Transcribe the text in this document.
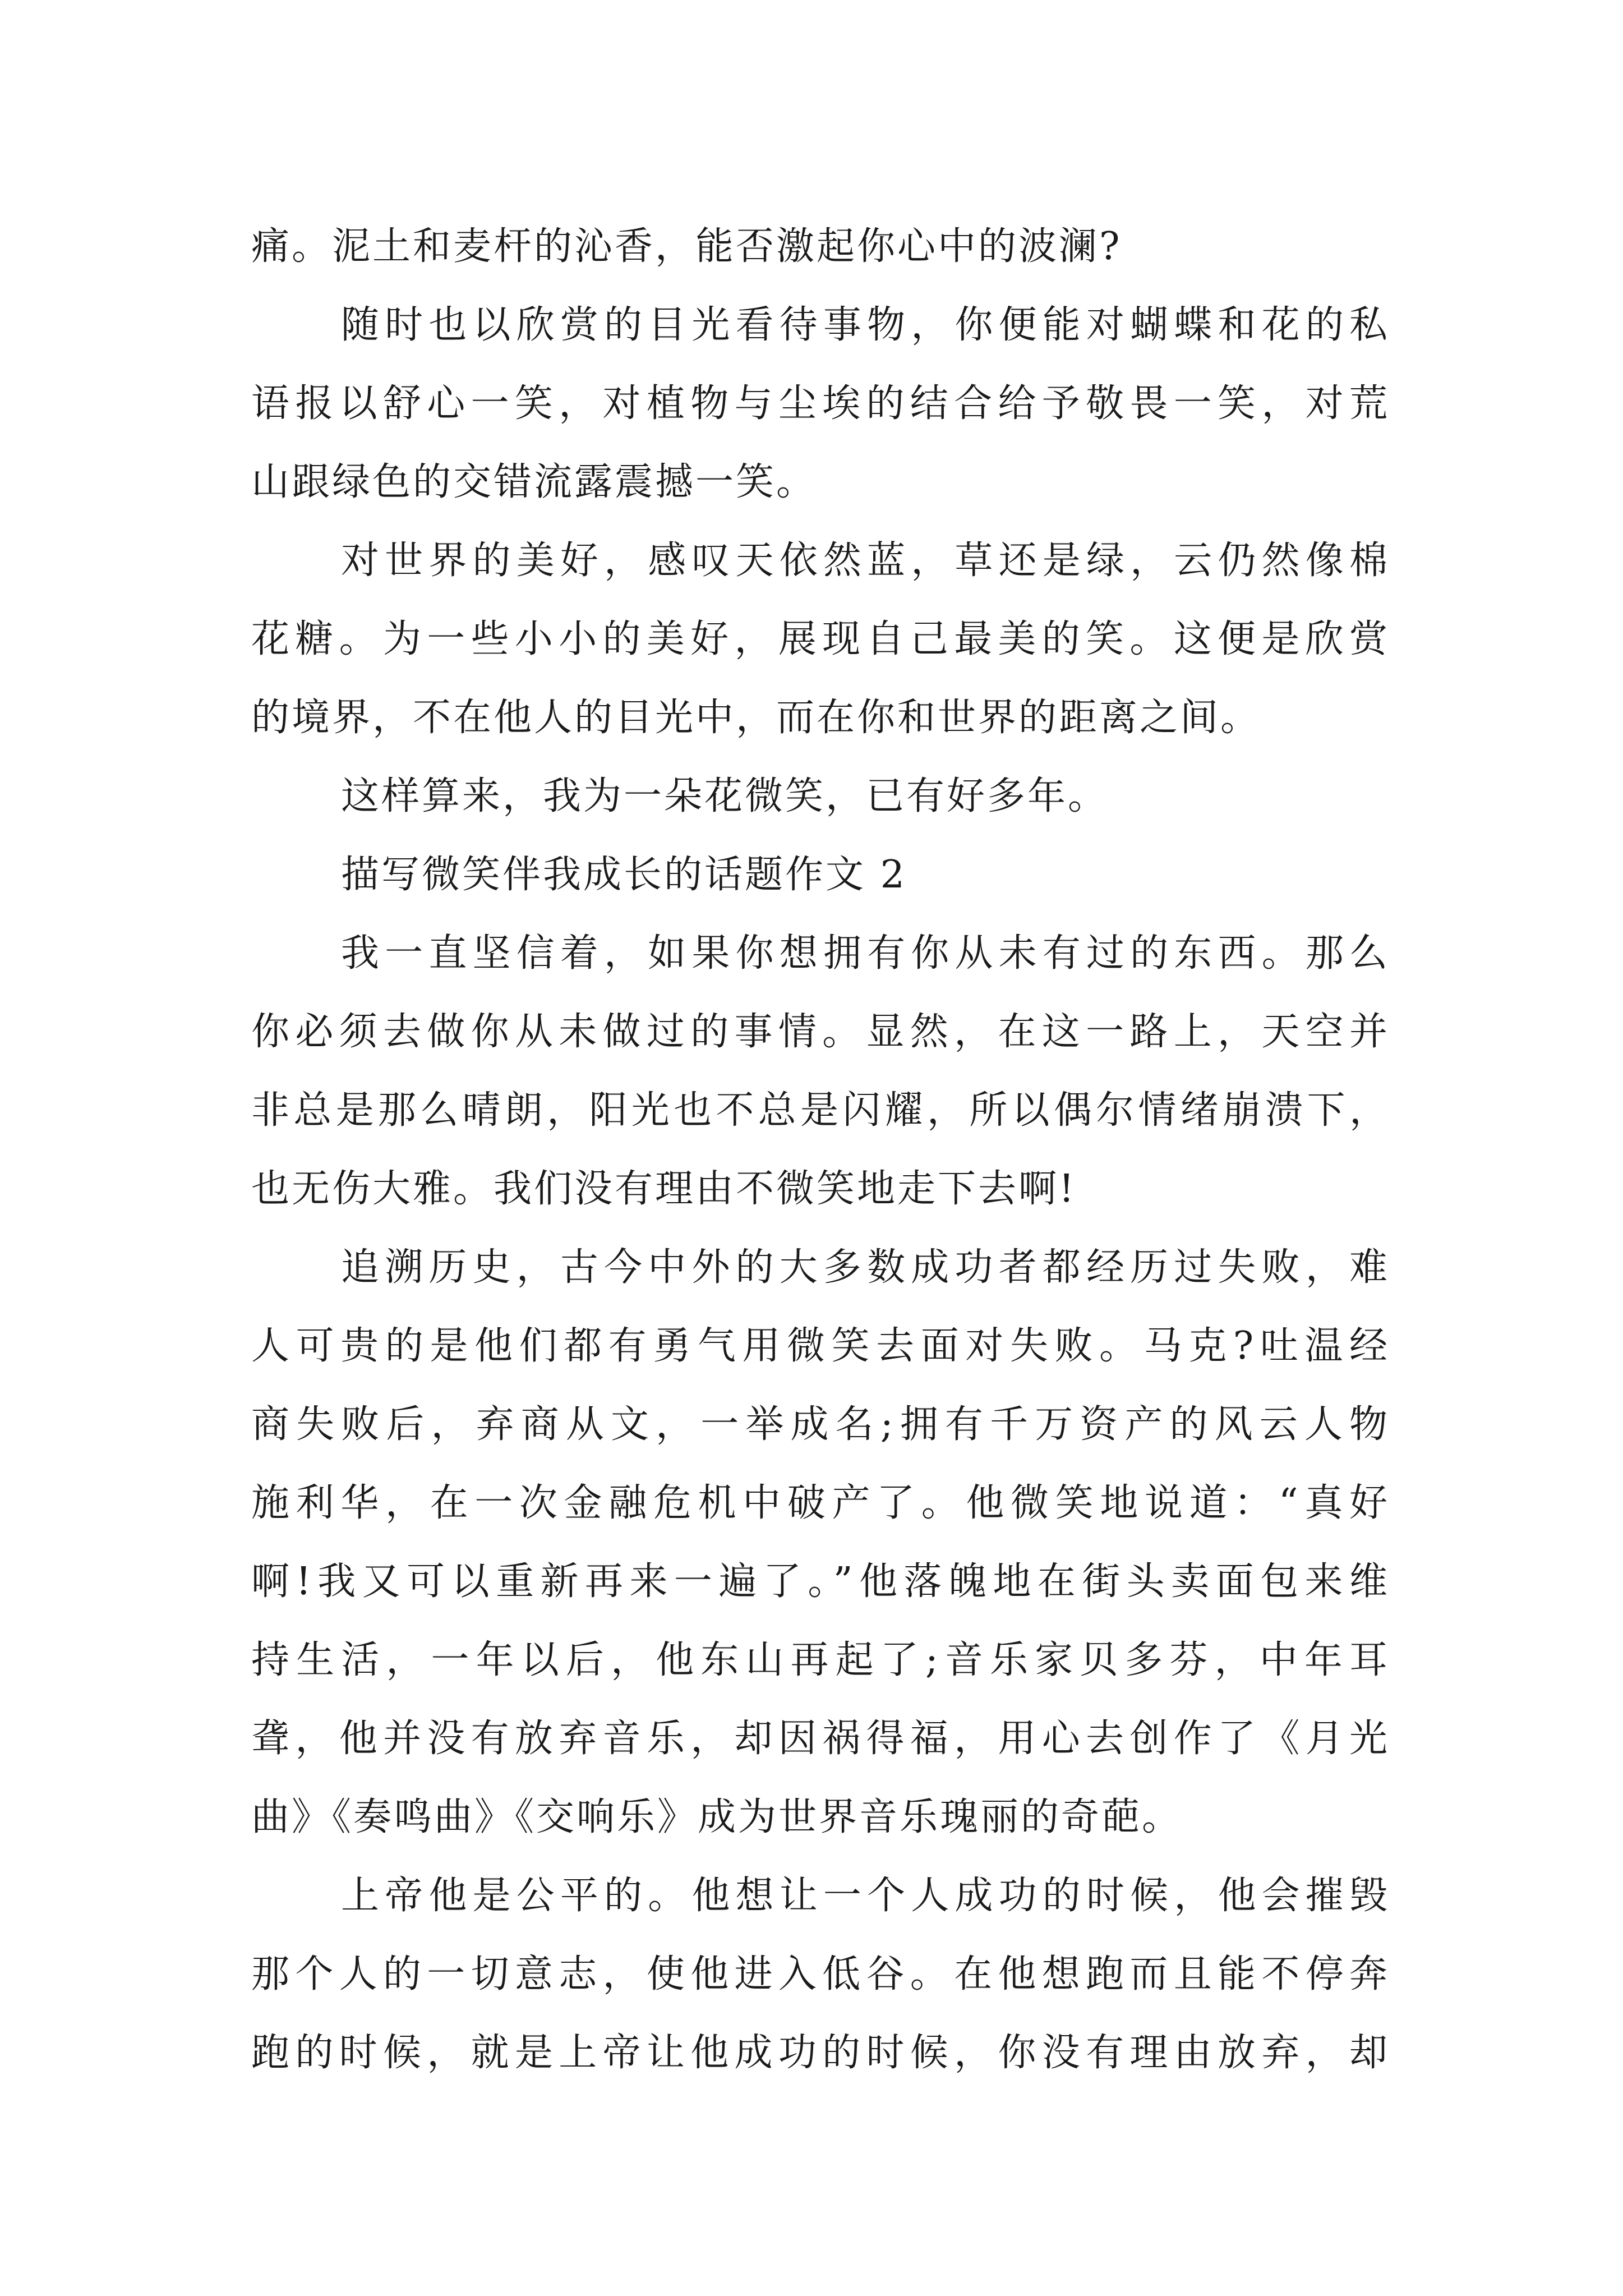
痛。泥土和麦杆的沁香，能否激起你心中的波澜?
随时也以欣赏的目光看待事物，你便能对蝴蝶和花的私
语报以舒心一笑，对植物与尘埃的结合给予敬畏一笑，对荒
山跟绿色的交错流露震撼一笑。
对世界的美好，感叹天依然蓝，草还是绿，云仍然像棉
花糖。为一些小小的美好，展现自己最美的笑。这便是欣赏
的境界，不在他人的目光中，而在你和世界的距离之间。
这样算来，我为一朵花微笑，已有好多年。
描写微笑伴我成长的话题作文 2
我一直坚信着，如果你想拥有你从未有过的东西。那么
你必须去做你从未做过的事情。显然，在这一路上，天空并
非总是那么晴朗，阳光也不总是闪耀，所以偶尔情绪崩溃下，
也无伤大雅。我们没有理由不微笑地走下去啊!
追溯历史，古今中外的大多数成功者都经历过失败，难
人可贵的是他们都有勇气用微笑去面对失败。马克?吐温经
商失败后，弃商从文，一举成名;拥有千万资产的风云人物
施利华，在一次金融危机中破产了。他微笑地说道：“真好
啊!我又可以重新再来一遍了。”他落魄地在街头卖面包来维
持生活，一年以后，他东山再起了;音乐家贝多芬，中年耳
聋，他并没有放弃音乐，却因祸得福，用心去创作了《月光
曲》《奏鸣曲》《交响乐》成为世界音乐瑰丽的奇葩。
上帝他是公平的。他想让一个人成功的时候，他会摧毁
那个人的一切意志，使他进入低谷。在他想跑而且能不停奔
跑的时候，就是上帝让他成功的时候，你没有理由放弃，却
